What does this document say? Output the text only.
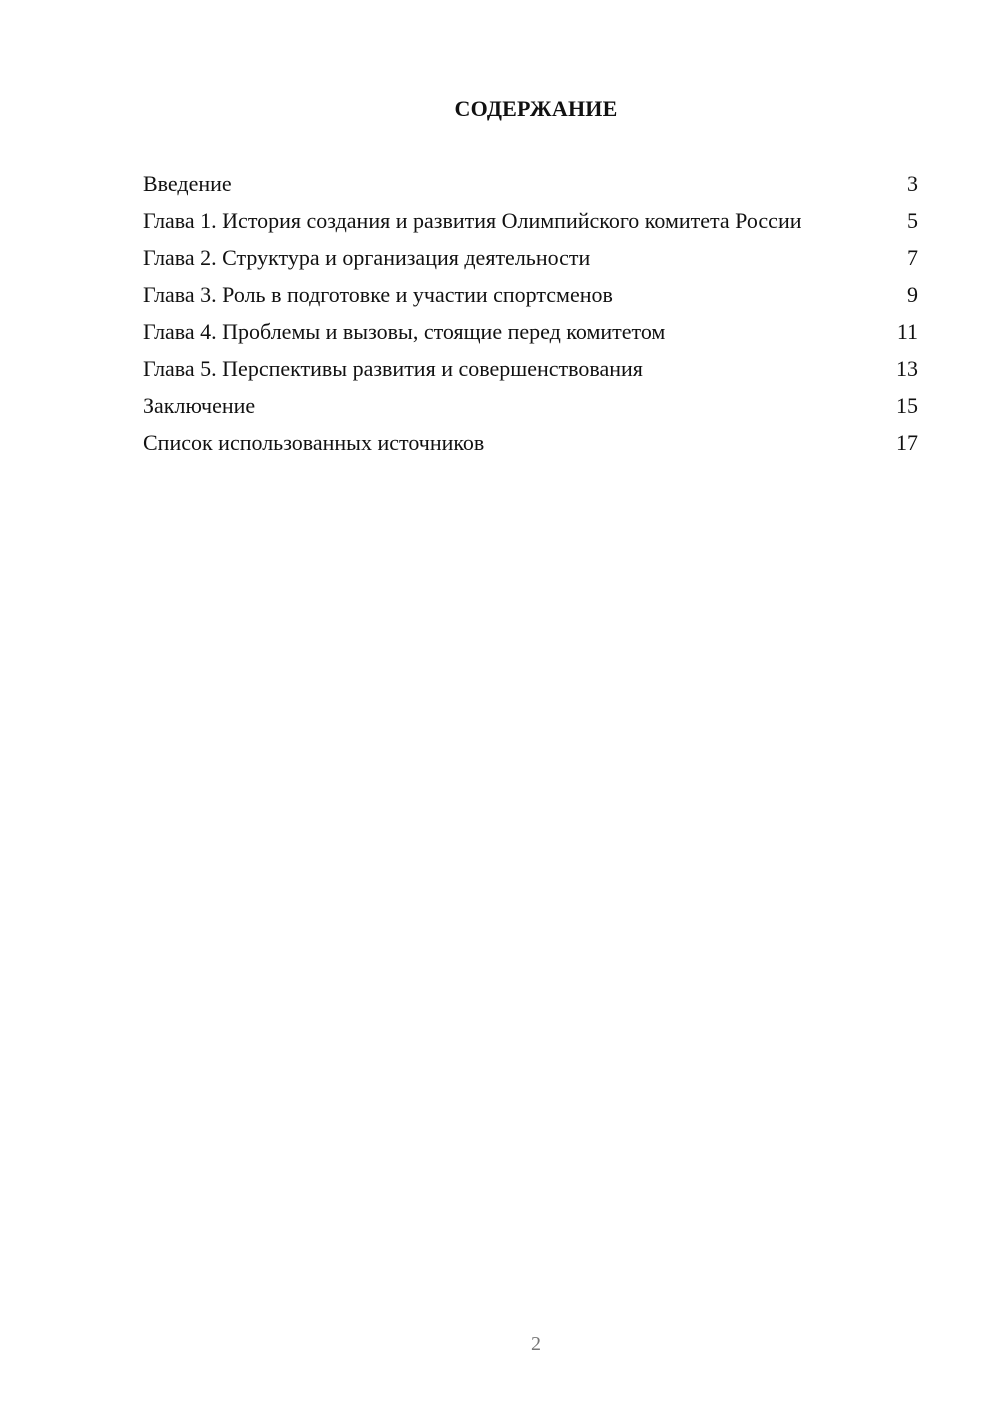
СОДЕРЖАНИЕ
Введение	3
Глава 1. История создания и развития Олимпийского комитета России	5
Глава 2. Структура и организация деятельности	7
Глава 3. Роль в подготовке и участии спортсменов	9
Глава 4. Проблемы и вызовы, стоящие перед комитетом	11
Глава 5. Перспективы развития и совершенствования	13
Заключение	15
Список использованных источников	17
2
